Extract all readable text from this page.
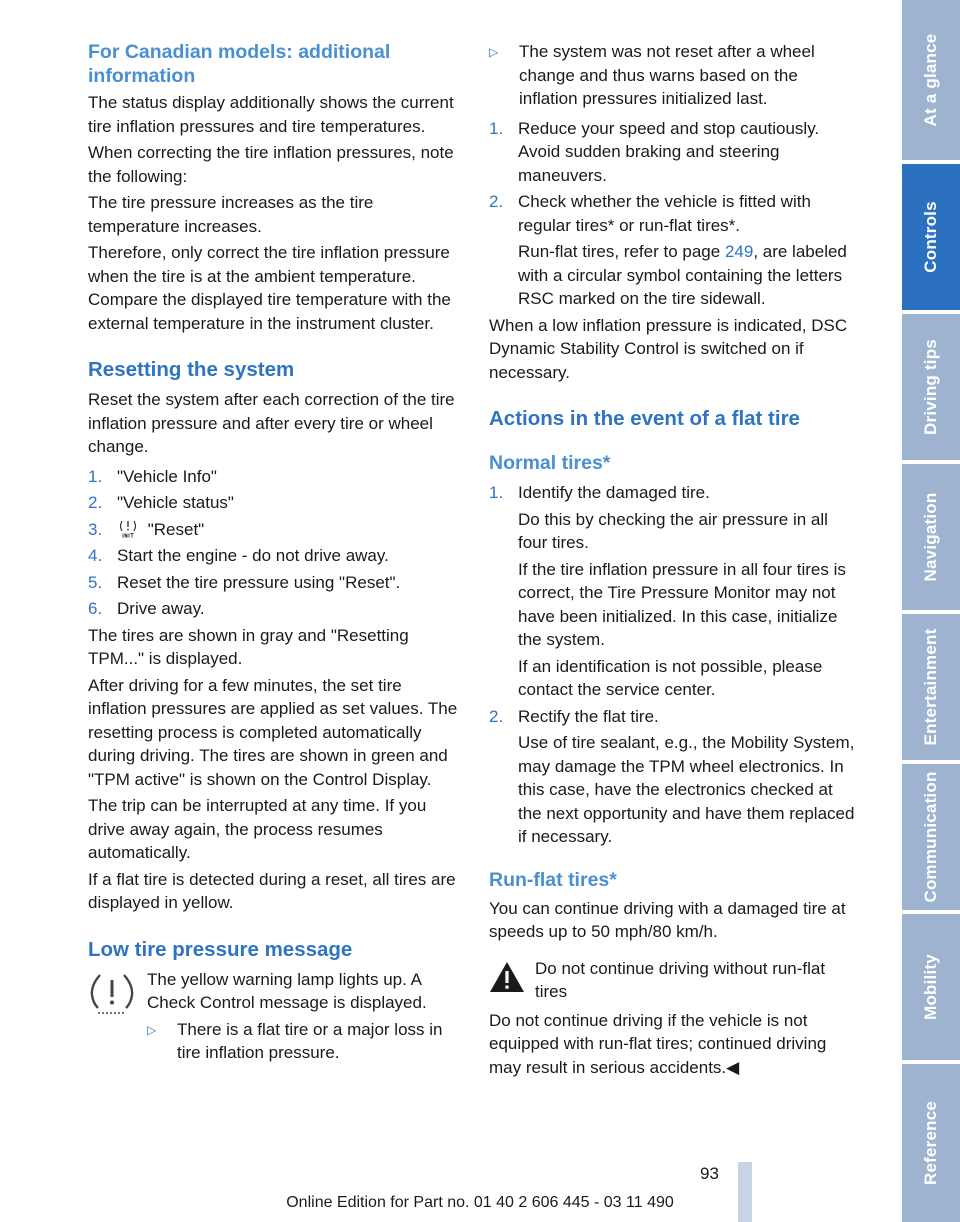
For Canadian models: additional information

The status display additionally shows the current tire inflation pressures and tire temperatures.

When correcting the tire inflation pressures, note the following:

The tire pressure increases as the tire temperature increases.

Therefore, only correct the tire inflation pressure when the tire is at the ambient temperature. Compare the displayed tire temperature with the external temperature in the instrument cluster.

Resetting the system

Reset the system after each correction of the tire inflation pressure and after every tire or wheel change.

1. "Vehicle Info"
2. "Vehicle status"
3.	"Reset"
4. Start the engine - do not drive away.
5. Reset the tire pressure using "Reset".
6. Drive away.

The tires are shown in gray and "Resetting TPM..." is displayed.

After driving for a few minutes, the set tire inflation pressures are applied as set values. The resetting process is completed automatically during driving. The tires are shown in green and "TPM active" is shown on the Control Display.

The trip can be interrupted at any time. If you drive away again, the process resumes automatically.

If a flat tire is detected during a reset, all tires are displayed in yellow.

Low tire pressure message

The yellow warning lamp lights up. A Check Control message is displayed.

▷ There is a flat tire or a major loss in tire inflation pressure.
▷ The system was not reset after a wheel change and thus warns based on the inflation pressures initialized last.
1. Reduce your speed and stop cautiously. Avoid sudden braking and steering maneuvers.
2. Check whether the vehicle is fitted with regular tires* or run-flat tires*.

Run-flat tires, refer to page 249, are labeled with a circular symbol containing the letters RSC marked on the tire sidewall.

When a low inflation pressure is indicated, DSC Dynamic Stability Control is switched on if necessary.

Actions in the event of a flat tire
Normal tires*
1. Identify the damaged tire.

Do this by checking the air pressure in all four tires.

If the tire inflation pressure in all four tires is correct, the Tire Pressure Monitor may not have been initialized. In this case, initialize the system.

If an identification is not possible, please contact the service center.

2. Rectify the flat tire.

Use of tire sealant, e.g., the Mobility System, may damage the TPM wheel electronics. In this case, have the electronics checked at the next opportunity and have them replaced if necessary.

Run-flat tires*

You can continue driving with a damaged tire at speeds up to 50 mph/80 km/h.

Do not continue driving without run-flat tires

Do not continue driving if the vehicle is not equipped with run-flat tires; continued driving may result in serious accidents.◀

93
Online Edition for Part no. 01 40 2 606 445 - 03 11 490
At a glance
Controls
Driving tips
Navigation
Entertainment
Communication
Mobility
Reference
